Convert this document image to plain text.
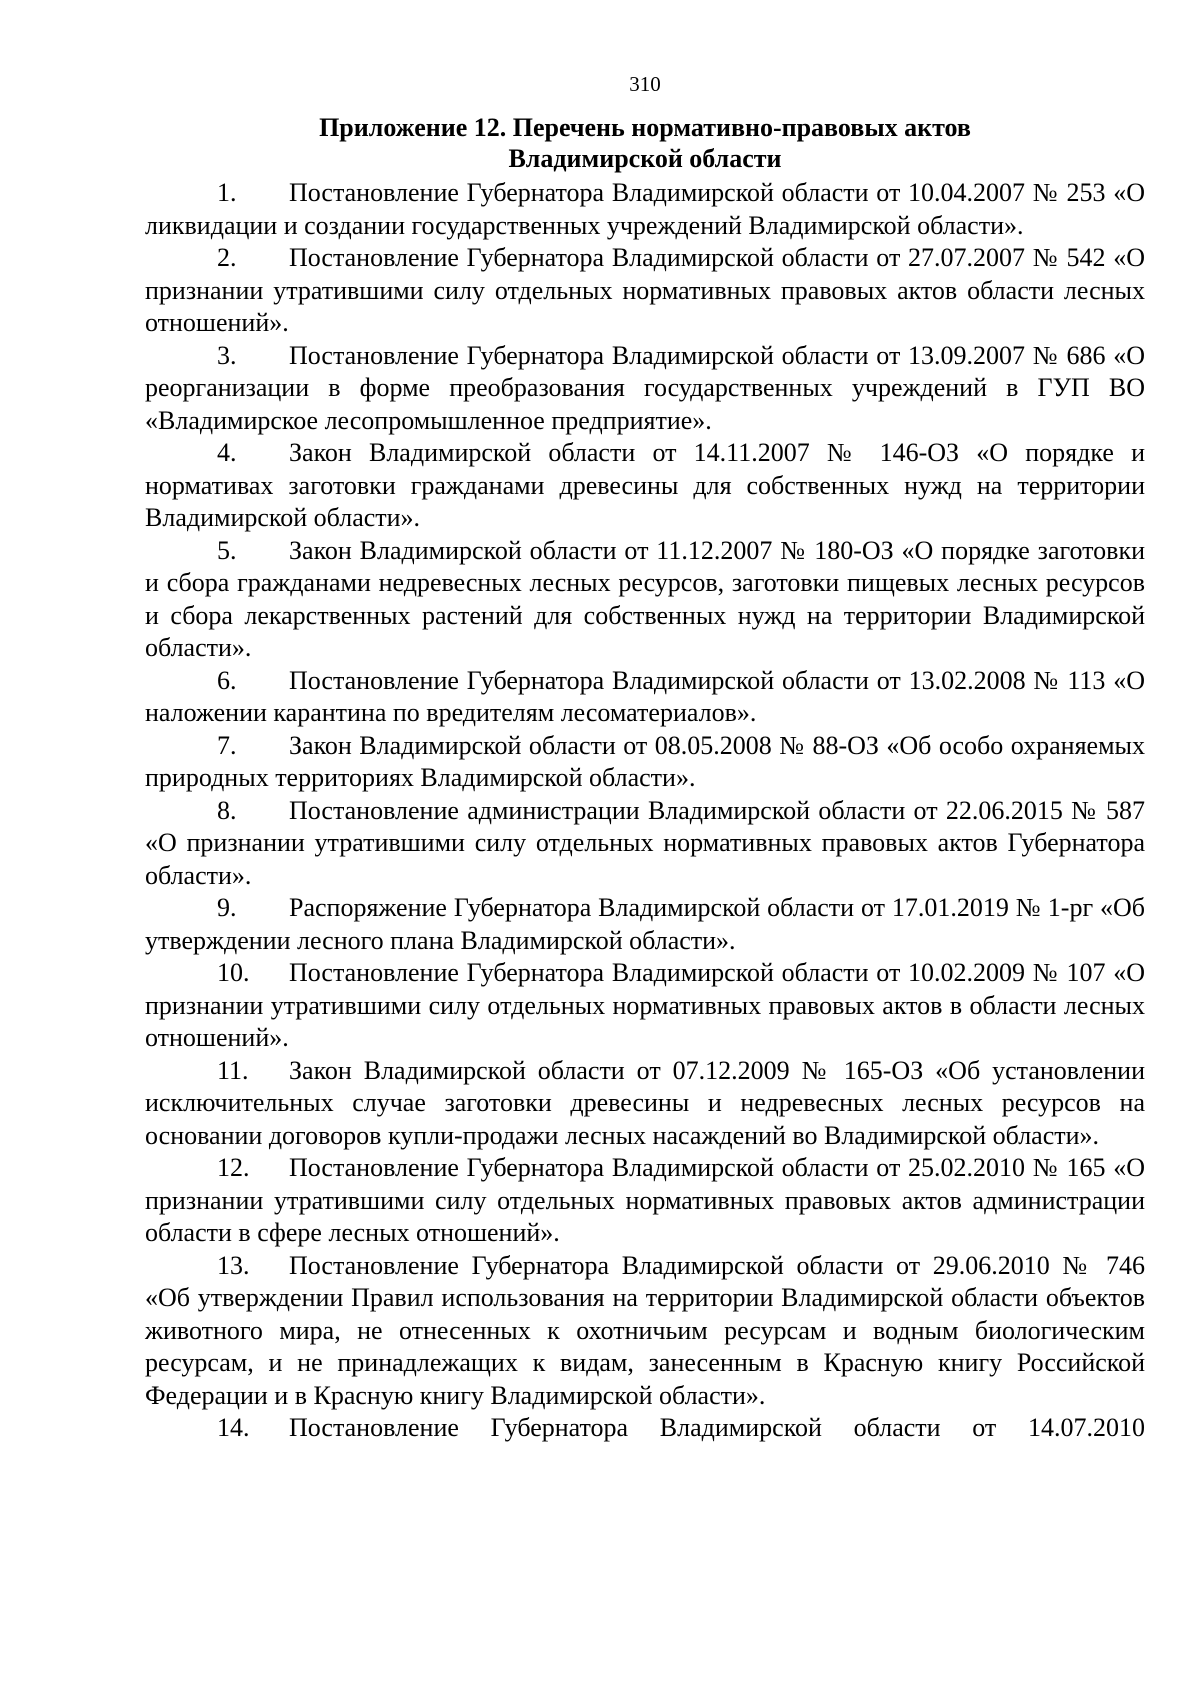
310
Приложение 12. Перечень нормативно-правовых актов
Владимирской области

1. Постановление Губернатора Владимирской области от 10.04.2007 № 253 «О ликвидации и создании государственных учреждений Владимирской области».

2. Постановление Губернатора Владимирской области от 27.07.2007 № 542 «О признании утратившими силу отдельных нормативных правовых актов области лесных отношений».

3. Постановление Губернатора Владимирской области от 13.09.2007 № 686 «О реорганизации в форме преобразования государственных учреждений в ГУП ВО «Владимирское лесопромышленное предприятие».

4. Закон Владимирской области от 14.11.2007 № 146-ОЗ «О порядке и нормативах заготовки гражданами древесины для собственных нужд на территории Владимирской области».

5. Закон Владимирской области от 11.12.2007 № 180-ОЗ «О порядке заготовки и сбора гражданами недревесных лесных ресурсов, заготовки пищевых лесных ресурсов и сбора лекарственных растений для собственных нужд на территории Владимирской области».

6. Постановление Губернатора Владимирской области от 13.02.2008 № 113 «О наложении карантина по вредителям лесоматериалов».

7. Закон Владимирской области от 08.05.2008 № 88-ОЗ «Об особо охраняемых природных территориях Владимирской области».

8. Постановление администрации Владимирской области от 22.06.2015 № 587 «О признании утратившими силу отдельных нормативных правовых актов Губернатора области».

9. Распоряжение Губернатора Владимирской области от 17.01.2019 № 1-рг «Об утверждении лесного плана Владимирской области».

10. Постановление Губернатора Владимирской области от 10.02.2009 № 107 «О признании утратившими силу отдельных нормативных правовых актов в области лесных отношений».

11. Закон Владимирской области от 07.12.2009 № 165-ОЗ «Об установлении исключительных случае заготовки древесины и недревесных лесных ресурсов на основании договоров купли-продажи лесных насаждений во Владимирской области».

12. Постановление Губернатора Владимирской области от 25.02.2010 № 165 «О признании утратившими силу отдельных нормативных правовых актов администрации области в сфере лесных отношений».

13. Постановление Губернатора Владимирской области от 29.06.2010 № 746 «Об утверждении Правил использования на территории Владимирской области объектов животного мира, не отнесенных к охотничьим ресурсам и водным биологическим ресурсам, и не принадлежащих к видам, занесенным в Красную книгу Российской Федерации и в Красную книгу Владимирской области».

14. Постановление Губернатора Владимирской области от 14.07.2010
